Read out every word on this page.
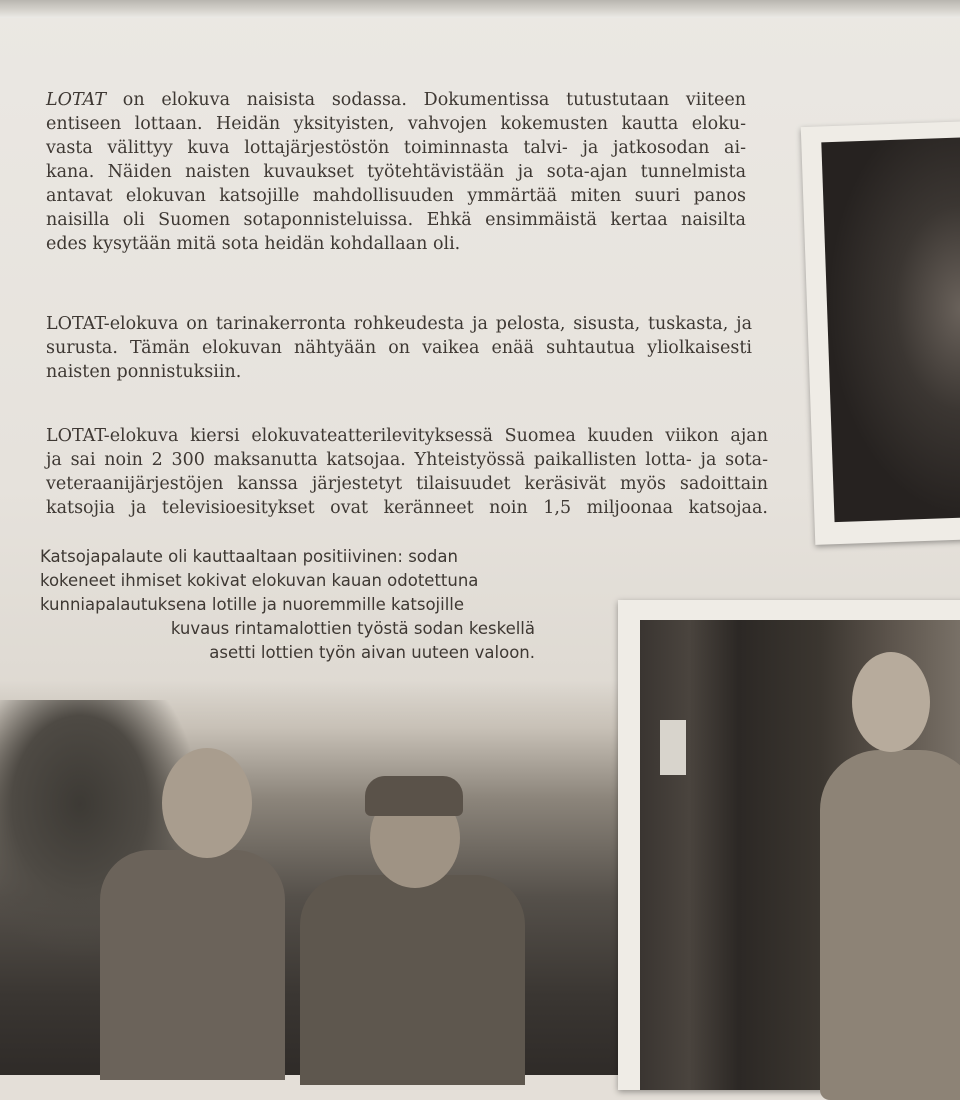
LOTAT on elokuva naisista sodassa. Dokumentissa tutustutaan viiteen
entiseen lottaan. Heidän yksityisten, vahvojen kokemusten kautta eloku-
vasta välittyy kuva lottajärjestöstön toiminnasta talvi- ja jatkosodan ai-
kana. Näiden naisten kuvaukset työtehtävistään ja sota-ajan tunnelmista
antavat elokuvan katsojille mahdollisuuden ymmärtää miten suuri panos
naisilla oli Suomen sotaponnisteluissa. Ehkä ensimmäistä kertaa naisilta
edes kysytään mitä sota heidän kohdallaan oli.
LOTAT-elokuva on tarinakerronta rohkeudesta ja pelosta, sisusta, tuskasta, ja
surusta. Tämän elokuvan nähtyään on vaikea enää suhtautua yliolkaisesti
naisten ponnistuksiin.
LOTAT-elokuva kiersi elokuvateatterilevityksessä Suomea kuuden viikon ajan
ja sai noin 2 300 maksanutta katsojaa. Yhteistyössä paikallisten lotta- ja sota-
veteraanijärjestöjen kanssa järjestetyt tilaisuudet keräsivät myös sadoittain
katsojia ja televisioesitykset ovat keränneet noin 1,5 miljoonaa katsojaa.
Katsojapalaute oli kauttaaltaan positiivinen: sodan
kokeneet ihmiset kokivat elokuvan kauan odotettuna
kunniapalautuksena lotille ja nuoremmille katsojille
kuvaus rintamalottien työstä sodan keskellä
asetti lottien työn aivan uuteen valoon.
